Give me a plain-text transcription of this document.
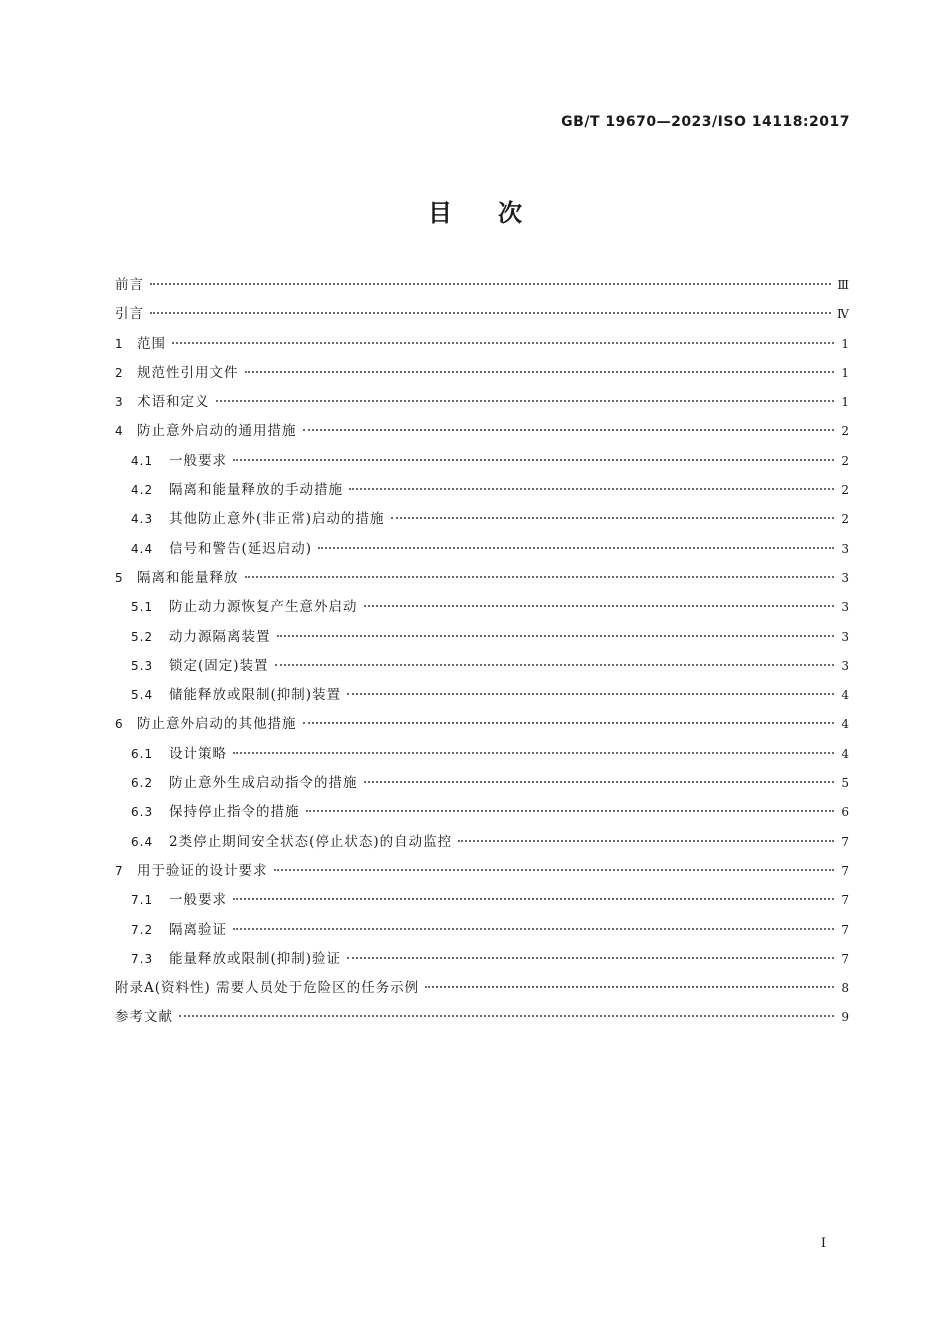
GB/T 19670—2023/ISO 14118:2017
目 次
前言	Ⅲ
引言	Ⅳ
1 范围	1
2 规范性引用文件	1
3 术语和定义	1
4 防止意外启动的通用措施	2
4.1	一般要求	2
4.2	隔离和能量释放的手动措施	2
4.3	其他防止意外(非正常)启动的措施	2
4.4	信号和警告(延迟启动)	3
5 隔离和能量释放	3
5.1	防止动力源恢复产生意外启动	3
5.2	动力源隔离装置	3
5.3	锁定(固定)装置	3
5.4	储能释放或限制(抑制)装置	4
6 防止意外启动的其他措施	4
6.1	设计策略	4
6.2	防止意外生成启动指令的措施	5
6.3	保持停止指令的措施	6
6.4	2类停止期间安全状态(停止状态)的自动监控	7
7 用于验证的设计要求	7
7.1	一般要求	7
7.2	隔离验证	7
7.3	能量释放或限制(抑制)验证	7
附录A(资料性) 需要人员处于危险区的任务示例	8
参考文献	9
Ⅰ
